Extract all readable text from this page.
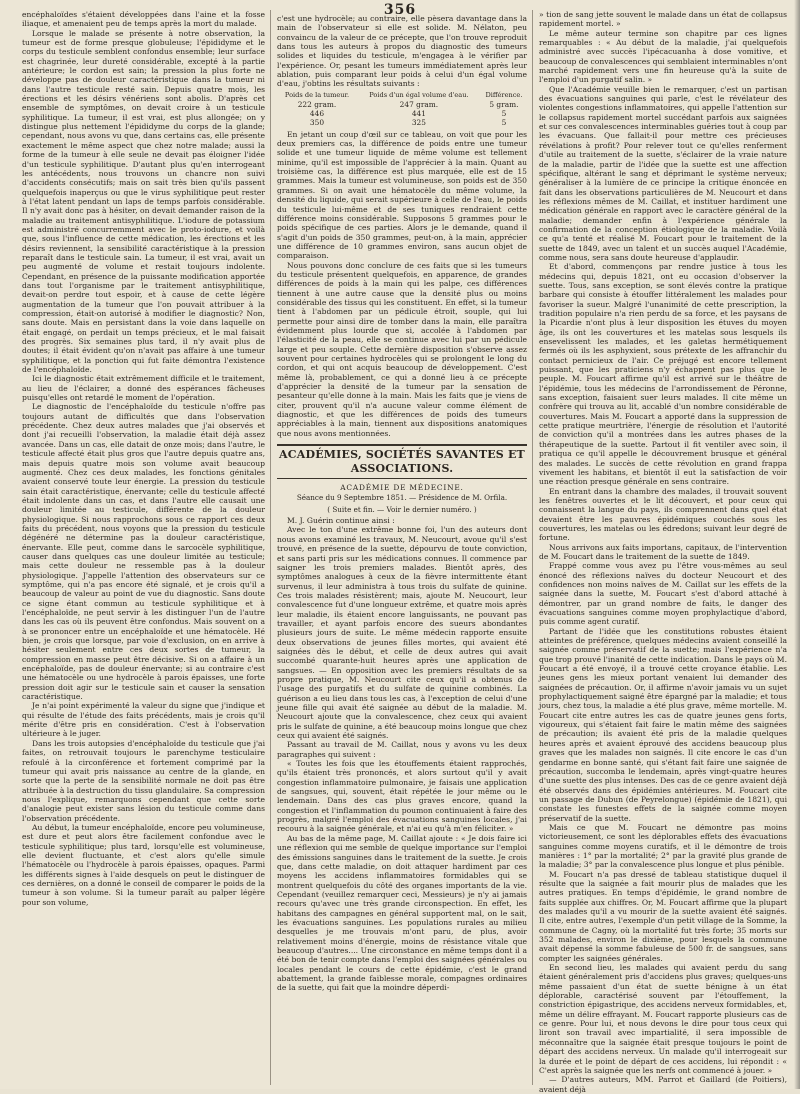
356

encéphaloïdes s'étaient développées dans l'aine et la fosse iliaque, et amenaient peu de temps après la mort du malade.

Lorsque le malade se présente à notre observation, la tumeur est de forme presque globuleuse; l'épididyme et le corps du testicule semblent confondus ensemble; leur surface est chagrinée, leur dureté considérable, excepté à la partie antérieure; le cordon est sain; la pression la plus forte ne développe pas de douleur caractéristique dans la tumeur ni dans l'autre testicule resté sain. Depuis quatre mois, les érections et les désirs vénériens sont abolis. D'après cet ensemble de symptômes, on devait croire à un testicule syphilitique. La tumeur, il est vrai, est plus allongée; on y distingue plus nettement l'épididyme du corps de la glande; cependant, nous avons vu que, dans certains cas, elle présente exactement le même aspect que chez notre malade; aussi la forme de la tumeur à elle seule ne devait pas éloigner l'idée d'un testicule syphilitique. D'autant plus qu'en interrogeant les antécédents, nous trouvons un chancre non suivi d'accidents consécutifs; mais on sait très bien qu'ils passent quelquefois inaperçus ou que le virus syphilitique peut rester à l'état latent pendant un laps de temps parfois considérable. Il n'y avait donc pas à hésiter, on devait demander raison de la maladie au traitement antisyphilitique. L'iodure de potassium est administré concurremment avec le proto-iodure, et voilà que, sous l'influence de cette médication, les érections et les désirs reviennent, la sensibilité caractéristique à la pression reparaît dans le testicule sain. La tumeur, il est vrai, avait un peu augmenté de volume et restait toujours indolente. Cependant, en présence de la puissante modification apportée dans tout l'organisme par le traitement antisyphilitique, devait-on perdre tout espoir, et à cause de cette légère augmentation de la tumeur que l'on pouvait attribuer à la compression, était-on autorisé à modifier le diagnostic? Non, sans doute. Mais en persistant dans la voie dans laquelle on était engagé, on perdait un temps précieux, et le mal faisait des progrès. Six semaines plus tard, il n'y avait plus de doutes; il était évident qu'on n'avait pas affaire à une tumeur syphilitique, et la ponction qui fut faite démontra l'existence de l'encéphaloïde.

Ici le diagnostic était extrêmement difficile et le traitement, au lieu de l'éclairer, a donné des espérances fâcheuses puisqu'elles ont retardé le moment de l'opération.

Le diagnostic de l'encéphaloïde du testicule n'offre pas toujours autant de difficultés que dans l'observation précédente. Chez deux autres malades que j'ai observés et dont j'ai recueilli l'observation, la maladie était déjà assez avancée. Dans un cas, elle datait de onze mois; dans l'autre, le testicule affecté était plus gros que l'autre depuis quatre ans, mais depuis quatre mois son volume avait beaucoup augmenté. Chez ces deux malades, les fonctions génitales avaient conservé toute leur énergie. La pression du testicule sain était caractéristique, énervante; celle du testicule affecté était indolente dans un cas, et dans l'autre elle causait une douleur limitée au testicule, différente de la douleur physiologique. Si nous rapprochons sous ce rapport ces deux faits du précédent, nous voyons que la pression du testicule dégénéré ne détermine pas la douleur caractéristique, énervante. Elle peut, comme dans le sarcocèle syphilitique, causer dans quelques cas une douleur limitée au testicule; mais cette douleur ne ressemble pas à la douleur physiologique. J'appelle l'attention des observateurs sur ce symptôme, qui n'a pas encore été signalé, et je crois qu'il a beaucoup de valeur au point de vue du diagnostic. Sans doute ce signe étant commun au testicule syphilitique et à l'encéphaloïde, ne peut servir à les distinguer l'un de l'autre dans les cas où ils peuvent être confondus. Mais souvent on a à se prononcer entre un encéphaloïde et une hématocèle. Hé bien, je crois que lorsque, par voie d'exclusion, on en arrive à hésiter seulement entre ces deux sortes de tumeur, la compression en masse peut être décisive. Si on a affaire à un encéphaloïde, pas de douleur énervante; si au contraire c'est une hématocèle ou une hydrocèle à parois épaisses, une forte pression doit agir sur le testicule sain et causer la sensation caractéristique.

Je n'ai point expérimenté la valeur du signe que j'indique et qui résulte de l'étude des faits précédents, mais je crois qu'il mérite d'être pris en considération. C'est à l'observation ultérieure à le juger.

Dans les trois autopsies d'encéphaloïde du testicule que j'ai faites, on retrouvait toujours le parenchyme testiculaire refoulé à la circonférence et fortement comprimé par la tumeur qui avait pris naissance au centre de la glande, en sorte que la perte de la sensibilité normale ne doit pas être attribuée à la destruction du tissu glandulaire. Sa compression nous l'explique, remarquons cependant que cette sorte d'analogie peut exister sans lésion du testicule comme dans l'observation précédente.

Au début, la tumeur encéphaloïde, encore peu volumineuse, est dure et peut alors être facilement confondue avec le testicule syphilitique; plus tard, lorsqu'elle est volumineuse, elle devient fluctuante, et c'est alors qu'elle simule l'hématocèle ou l'hydrocèle à parois épaisses, opaques. Parmi les différents signes à l'aide desquels on peut le distinguer de ces dernières, on a donné le conseil de comparer le poids de la tumeur à son volume. Si la tumeur paraît au palper légère pour son volume,

c'est une hydrocèle; au contraire, elle pèsera davantage dans la main de l'observateur si elle est solide. M. Nélaton, peu convaincu de la valeur de ce précepte, que l'on trouve reproduit dans tous les auteurs à propos du diagnostic des tumeurs solides et liquides du testicule, m'engagea à le vérifier par l'expérience. Or, pesant les tumeurs immédiatement après leur ablation, puis comparant leur poids à celui d'un égal volume d'eau, j'obtins les résultats suivants :

Poids de la tumeur.	Poids d'un égal volume d'eau.	Différence.
222 gram.	247 gram.	5 gram.
446	441	5
350	325	5

En jetant un coup d'œil sur ce tableau, on voit que pour les deux premiers cas, la différence de poids entre une tumeur solide et une tumeur liquide de même volume est tellement minime, qu'il est impossible de l'apprécier à la main. Quant au troisième cas, la différence est plus marquée, elle est de 15 grammes. Mais la tumeur est volumineuse, son poids est de 350 grammes. Si on avait une hématocèle du même volume, la densité du liquide, qui serait supérieure à celle de l'eau, le poids du testicule lui-même et de ses tuniques rendraient cette différence moins considérable. Supposons 5 grammes pour le poids spécifique de ces parties. Alors je le demande, quand il s'agit d'un poids de 350 grammes, peut-on, à la main, apprécier une différence de 10 grammes environ, sans aucun objet de comparaison.

Nous pouvons donc conclure de ces faits que si les tumeurs du testicule présentent quelquefois, en apparence, de grandes différences de poids à la main qui les palpe, ces différences tiennent à une autre cause que la densité plus ou moins considérable des tissus qui les constituent. En effet, si la tumeur tient à l'abdomen par un pédicule étroit, souple, qui lui permette pour ainsi dire de tomber dans la main, elle paraîtra évidemment plus lourde que si, accolée à l'abdomen par l'élasticité de la peau, elle se continue avec lui par un pédicule large et peu souple. Cette dernière disposition s'observe assez souvent pour certaines hydrocèles qui se prolongent le long du cordon, et qui ont acquis beaucoup de développement. C'est même là, probablement, ce qui a donné lieu à ce précepte d'apprécier la densité de la tumeur par la sensation de pesanteur qu'elle donne à la main. Mais les faits que je viens de citer, prouvent qu'il n'a aucune valeur comme élément de diagnostic, et que les différences de poids des tumeurs appréciables à la main, tiennent aux dispositions anatomiques que nous avons mentionnées.

ACADÉMIES, SOCIÉTÉS SAVANTES ET ASSOCIATIONS.
ACADÉMIE DE MÉDECINE.
Séance du 9 Septembre 1851. — Présidence de M. Orfila.
( Suite et fin. — Voir le dernier numéro. )

M. J. Guérin continue ainsi :

Avec le ton d'une extrême bonne foi, l'un des auteurs dont nous avons examiné les travaux, M. Neucourt, avoue qu'il s'est trouvé, en présence de la suette, dépourvu de toute conviction, et sans parti pris sur les médications connues. Il commence par saigner les trois premiers malades. Bientôt après, des symptômes analogues à ceux de la fièvre intermittente étant survenus, il leur administra à tous trois du sulfate de quinine. Ces trois malades résistèrent; mais, ajoute M. Neucourt, leur convalescence fut d'une longueur extrême, et quatre mois après leur maladie, ils étaient encore languissants, ne pouvant pas travailler, et ayant parfois encore des sueurs abondantes plusieurs jours de suite. Le même médecin rapporte ensuite deux observations de jeunes filles mortes, qui avaient été saignées dès le début, et celle de deux autres qui avait succombé quarante-huit heures après une application de sangsues. — En opposition avec les premiers résultats de sa propre pratique, M. Neucourt cite ceux qu'il a obtenus de l'usage des purgatifs et du sulfate de quinine combinés. La guérison a eu lieu dans tous les cas, à l'exception de celui d'une jeune fille qui avait été saignée au début de la maladie. M. Neucourt ajoute que la convalescence, chez ceux qui avaient pris le sulfate de quinine, a été beaucoup moins longue que chez ceux qui avaient été saignés.

Passant au travail de M. Caillat, nous y avons vu les deux paragraphes qui suivent :

« Toutes les fois que les étouffements étaient rapprochés, qu'ils étaient très prononcés, et alors surtout qu'il y avait congestion inflammatoire pulmonaire, je faisais une application de sangsues, qui, souvent, était répétée le jour même ou le lendemain. Dans des cas plus graves encore, quand la congestion et l'inflammation du poumon continuaient à faire des progrès, malgré l'emploi des évacuations sanguines locales, j'ai recouru à la saignée générale, et n'ai eu qu'à m'en féliciter. »

Au bas de la même page, M. Caillat ajoute : « Je dois faire ici une réflexion qui me semble de quelque importance sur l'emploi des émissions sanguines dans le traitement de la suette. Je crois que, dans cette maladie, on doit attaquer hardiment par ces moyens les accidens inflammatoires formidables qui se montrent quelquefois du côté des organes importants de la vie. Cependant (veuillez remarquer ceci, Messieurs) je n'y ai jamais recours qu'avec une très grande circonspection. En effet, les habitans des campagnes en général supportent mal, on le sait, les évacuations sanguines. Les populations rurales au milieu desquelles je me trouvais m'ont paru, de plus, avoir relativement moins d'énergie, moins de résistance vitale que beaucoup d'autres.... Une circonstance en même temps dont il a été bon de tenir compte dans l'emploi des saignées générales ou locales pendant le cours de cette épidémie, c'est le grand abattement, la grande faiblesse morale, compagnes ordinaires de la suette, qui fait que la moindre déperdi-

» tion de sang jette souvent le malade dans un état de collapsus rapidement mortel. »

Le même auteur termine son chapitre par ces lignes remarquables : « Au début de la maladie, j'ai quelquefois administré avec succès l'ipécacuanha à dose vomitive, et beaucoup de convalescences qui semblaient interminables n'ont marché rapidement vers une fin heureuse qu'à la suite de l'emploi d'un purgatif salin. »

Que l'Académie veuille bien le remarquer, c'est un partisan des évacuations sanguines qui parle, c'est le révélateur des violentes congestions inflammatoires, qui appelle l'attention sur le collapsus rapidement mortel succédant parfois aux saignées et sur ces convalescences interminables guéries tout à coup par les évacuans. Que fallait-il pour mettre ces précieuses révélations à profit? Pour relever tout ce qu'elles renferment d'utile au traitement de la suette, s'éclairer de la vraie nature de la maladie, partir de l'idée que la suette est une affection spécifique, altérant le sang et déprimant le système nerveux; généraliser à la lumière de ce principe la critique énoncée en fait dans les observations particulières de M. Neucourt et dans les réflexions mêmes de M. Caillat, et instituer hardiment une médication générale en rapport avec le caractère général de la maladie; demander enfin à l'expérience générale la confirmation de la conception étiologique de la maladie. Voilà ce qu'a tenté et réalisé M. Foucart pour le traitement de la suette de 1849, avec un talent et un succès auquel l'Académie, comme nous, sera sans doute heureuse d'applaudir.

Et d'abord, commençons par rendre justice à tous les médecins qui, depuis 1821, ont eu occasion d'observer la suette. Tous, sans exception, se sont élevés contre la pratique barbare qui consiste à étouffer littéralement les malades pour favoriser la sueur. Malgré l'unanimité de cette prescription, la tradition populaire n'a rien perdu de sa force, et les paysans de la Picardie n'ont plus à leur disposition les étuves du moyen âge, ils ont les couvertures et les matelas sous lesquels ils ensevelissent les malades, et les galetas hermétiquement fermés où ils les asphyxient, sous prétexte de les affranchir du contact pernicieux de l'air. Ce préjugé est encore tellement puissant, que les praticiens n'y échappent pas plus que le peuple. M. Foucart affirme qu'il est arrivé sur le théâtre de l'épidémie, tous les médecins de l'arrondissement de Péronne, sans exception, faisaient suer leurs malades. Il cite même un confrère qui trouva au lit, accablé d'un nombre considérable de couvertures. Mais M. Foucart a apporté dans la suppression de cette pratique meurtrière, l'énergie de résolution et l'autorité de conviction qu'il a montrées dans les autres phases de la thérapeutique de la suette. Partout il fit ventiler avec soin, il pratiqua ce qu'il appelle le découvrement brusque et général des malades. Le succès de cette révolution en grand frappa vivement les habitans, et bientôt il eut la satisfaction de voir une réaction presque générale en sens contraire.

En entrant dans la chambre des malades, il trouvait souvent les fenêtres ouvertes et le lit découvert, et pour ceux qui connaissent la langue du pays, ils comprennent dans quel état devaient être les pauvres épidémiques couchés sous les couvertures, les matelas ou les édredons; suivant leur degré de fortune.

Nous arrivons aux faits importans, capitaux, de l'intervention de M. Foucart dans le traitement de la suette de 1849.

Frappé comme vous avez pu l'être vous-mêmes au seul énoncé des réflexions naïves du docteur Neucourt et des confidences non moins naïves de M. Caillat sur les effets de la saignée dans la suette, M. Foucart s'est d'abord attaché à démontrer, par un grand nombre de faits, le danger des évacuations sanguines comme moyen prophylactique d'abord, puis comme agent curatif.

Partant de l'idée que les constitutions robustes étaient atteintes de préférence, quelques médecins avaient conseillé la saignée comme préservatif de la suette; mais l'expérience n'a que trop prouvé l'inanité de cette indication. Dans le pays où M. Foucart a été envoyé, il a trouvé cette croyance établie. Les jeunes gens les mieux portant venaient lui demander des saignées de précaution. Or, il affirme n'avoir jamais vu un sujet prophylactiquement saigné être épargné par la maladie; et tous jours, chez tous, la maladie a été plus grave, même mortelle. M. Foucart cite entre autres les cas de quatre jeunes gens forts, vigoureux, qui s'étaient fait faire le matin même des saignées de précaution; ils avaient été pris de la maladie quelques heures après et avaient éprouvé des accidens beaucoup plus graves que les malades non saignés. Il cite encore le cas d'un gendarme en bonne santé, qui s'étant fait faire une saignée de précaution, succomba le lendemain, après vingt-quatre heures d'une suette des plus intenses. Des cas de ce genre avaient déjà été observés dans des épidémies antérieures. M. Foucart cite un passage de Dubun (de Peyrelongue) (épidémie de 1821), qui constate les funestes effets de la saignée comme moyen préservatif de la suette.

Mais ce que M. Foucart ne démontre pas moins victorieusement, ce sont les déplorables effets des évacuations sanguines comme moyens curatifs, et il le démontre de trois manières : 1° par la mortalité; 2° par la gravité plus grande de la maladie; 3° par la convalescence plus longue et plus pénible.

M. Foucart n'a pas dressé de tableau statistique duquel il résulte que la saignée a fait mourir plus de malades que les autres pratiques. En temps d'épidémie, le grand nombre de faits supplée aux chiffres. Or, M. Foucart affirme que la plupart des malades qu'il a vu mourir de la suette avaient été saignés. Il cite, entre autres, l'exemple d'un petit village de la Somme, la commune de Cagny, où la mortalité fut très forte; 35 morts sur 352 malades, environ le dixième, pour lesquels la commune avait dépensé la somme fabuleuse de 500 fr. de sangsues, sans compter les saignées générales.

En second lieu, les malades qui avaient perdu du sang étaient généralement pris d'accidens plus graves; quelques-uns même passaient d'un état de suette bénigne à un état déplorable, caractérisé souvent par l'étouffement, la constriction épigastrique, des accidens nerveux formidables, et, même un délire effrayant. M. Foucart rapporte plusieurs cas de ce genre. Pour lui, et nous devons le dire pour tous ceux qui liront son travail avec impartialité, il sera impossible de méconnaître que la saignée était presque toujours le point de départ des accidens nerveux. Un malade qu'il interrogeait sur la durée et le point de départ de ces accidens, lui répondit : « C'est après la saignée que les nerfs ont commencé à jouer. »

— D'autres auteurs, MM. Parrot et Gaillard (de Poitiers), avaient déjà
